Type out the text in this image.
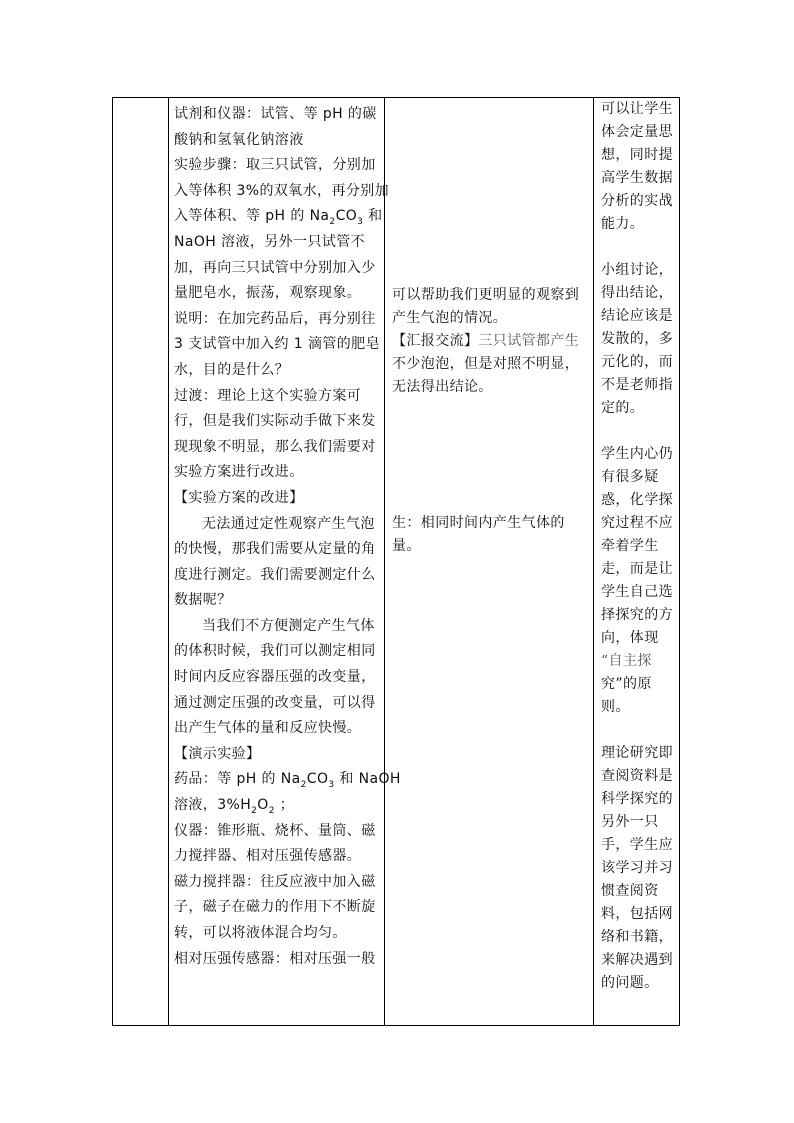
试剂和仪器：试管、等 pH 的碳
酸钠和氢氧化钠溶液
实验步骤：取三只试管，分别加
入等体积 3%的双氧水，再分别加
入等体积、等 pH 的 $Na_2CO_3$ 和
NaOH 溶液，另外一只试管不
加，再向三只试管中分别加入少
量肥皂水，振荡，观察现象。
说明：在加完药品后，再分别往
3 支试管中加入约 1 滴管的肥皂
水，目的是什么？
过渡：理论上这个实验方案可
行，但是我们实际动手做下来发
现现象不明显，那么我们需要对
实验方案进行改进。
【实验方案的改进】
无法通过定性观察产生气泡
的快慢，那我们需要从定量的角
度进行测定。我们需要测定什么
数据呢？
当我们不方便测定产生气体
的体积时候，我们可以测定相同
时间内反应容器压强的改变量，
通过测定压强的改变量，可以得
出产生气体的量和反应快慢。
【演示实验】
药品：等 pH 的 $Na_2CO_3$ 和 NaOH
溶液，$3\%H_2O_2$ ；
仪器：锥形瓶、烧杯、量筒、磁
力搅拌器、相对压强传感器。
磁力搅拌器：往反应液中加入磁
子，磁子在磁力的作用下不断旋
转，可以将液体混合均匀。
相对压强传感器：相对压强一般
可以帮助我们更明显的观察到
产生气泡的情况。
【汇报交流】三只试管都产生
不少泡泡，但是对照不明显，
无法得出结论。
生：相同时间内产生气体的
量。
可以让学生
体会定量思
想，同时提
高学生数据
分析的实战
能力。
小组讨论，
得出结论，
结论应该是
发散的，多
元化的，而
不是老师指
定的。
学生内心仍
有很多疑
惑，化学探
究过程不应
牵着学生
走，而是让
学生自己选
择探究的方
向，体现
“自主探
究”的原
则。
理论研究即
查阅资料是
科学探究的
另外一只
手，学生应
该学习并习
惯查阅资
料，包括网
络和书籍，
来解决遇到
的问题。
